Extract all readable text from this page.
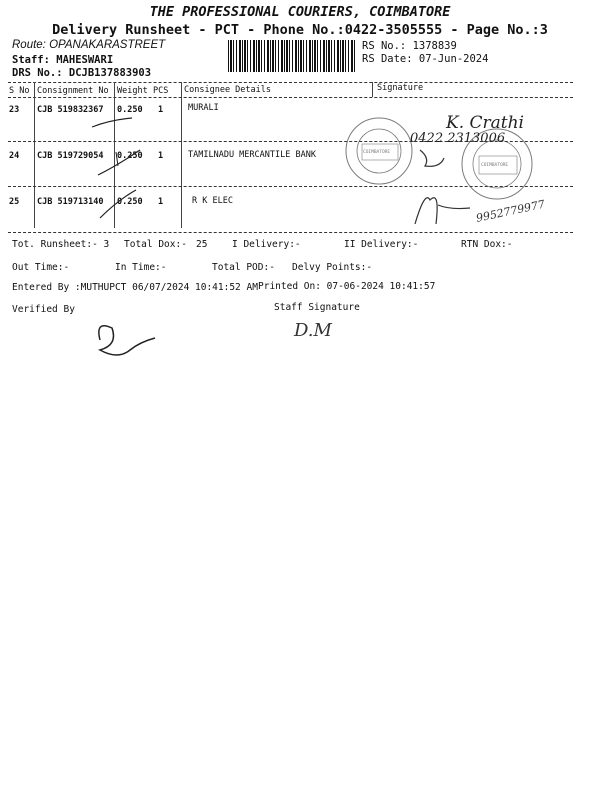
THE PROFESSIONAL COURIERS, COIMBATORE
Delivery Runsheet - PCT - Phone No.:0422-3505555 - Page No.:3
Route: OPANAKARASTREET
Staff: MAHESWARI
DRS No.: DCJB137883903
RS No.: 1378839
RS Date: 07-Jun-2024
S No Consignment No Weight PCS Consignee Details	Signature
23 CJB 519832367 0.250 1	MURALI
24 CJB 519729054 0.250 1	TAMILNADU MERCANTILE BANK
25 CJB 519713140 0.250 1	R K ELEC
COIMBATORE
COIMBATORE
K. Crathi
0422 2313006
9952779977
D.M
Tot. Runsheet:- 3 Total Dox:- 25	I Delivery:-	II Delivery:-	RTN Dox:-
Out Time:-	In Time:-	Total POD:- Delvy Points:-
Entered By :MUTHUPCT 06/07/2024 10:41:52 AM Printed On: 07-06-2024 10:41:57
Verified By	Staff Signature
